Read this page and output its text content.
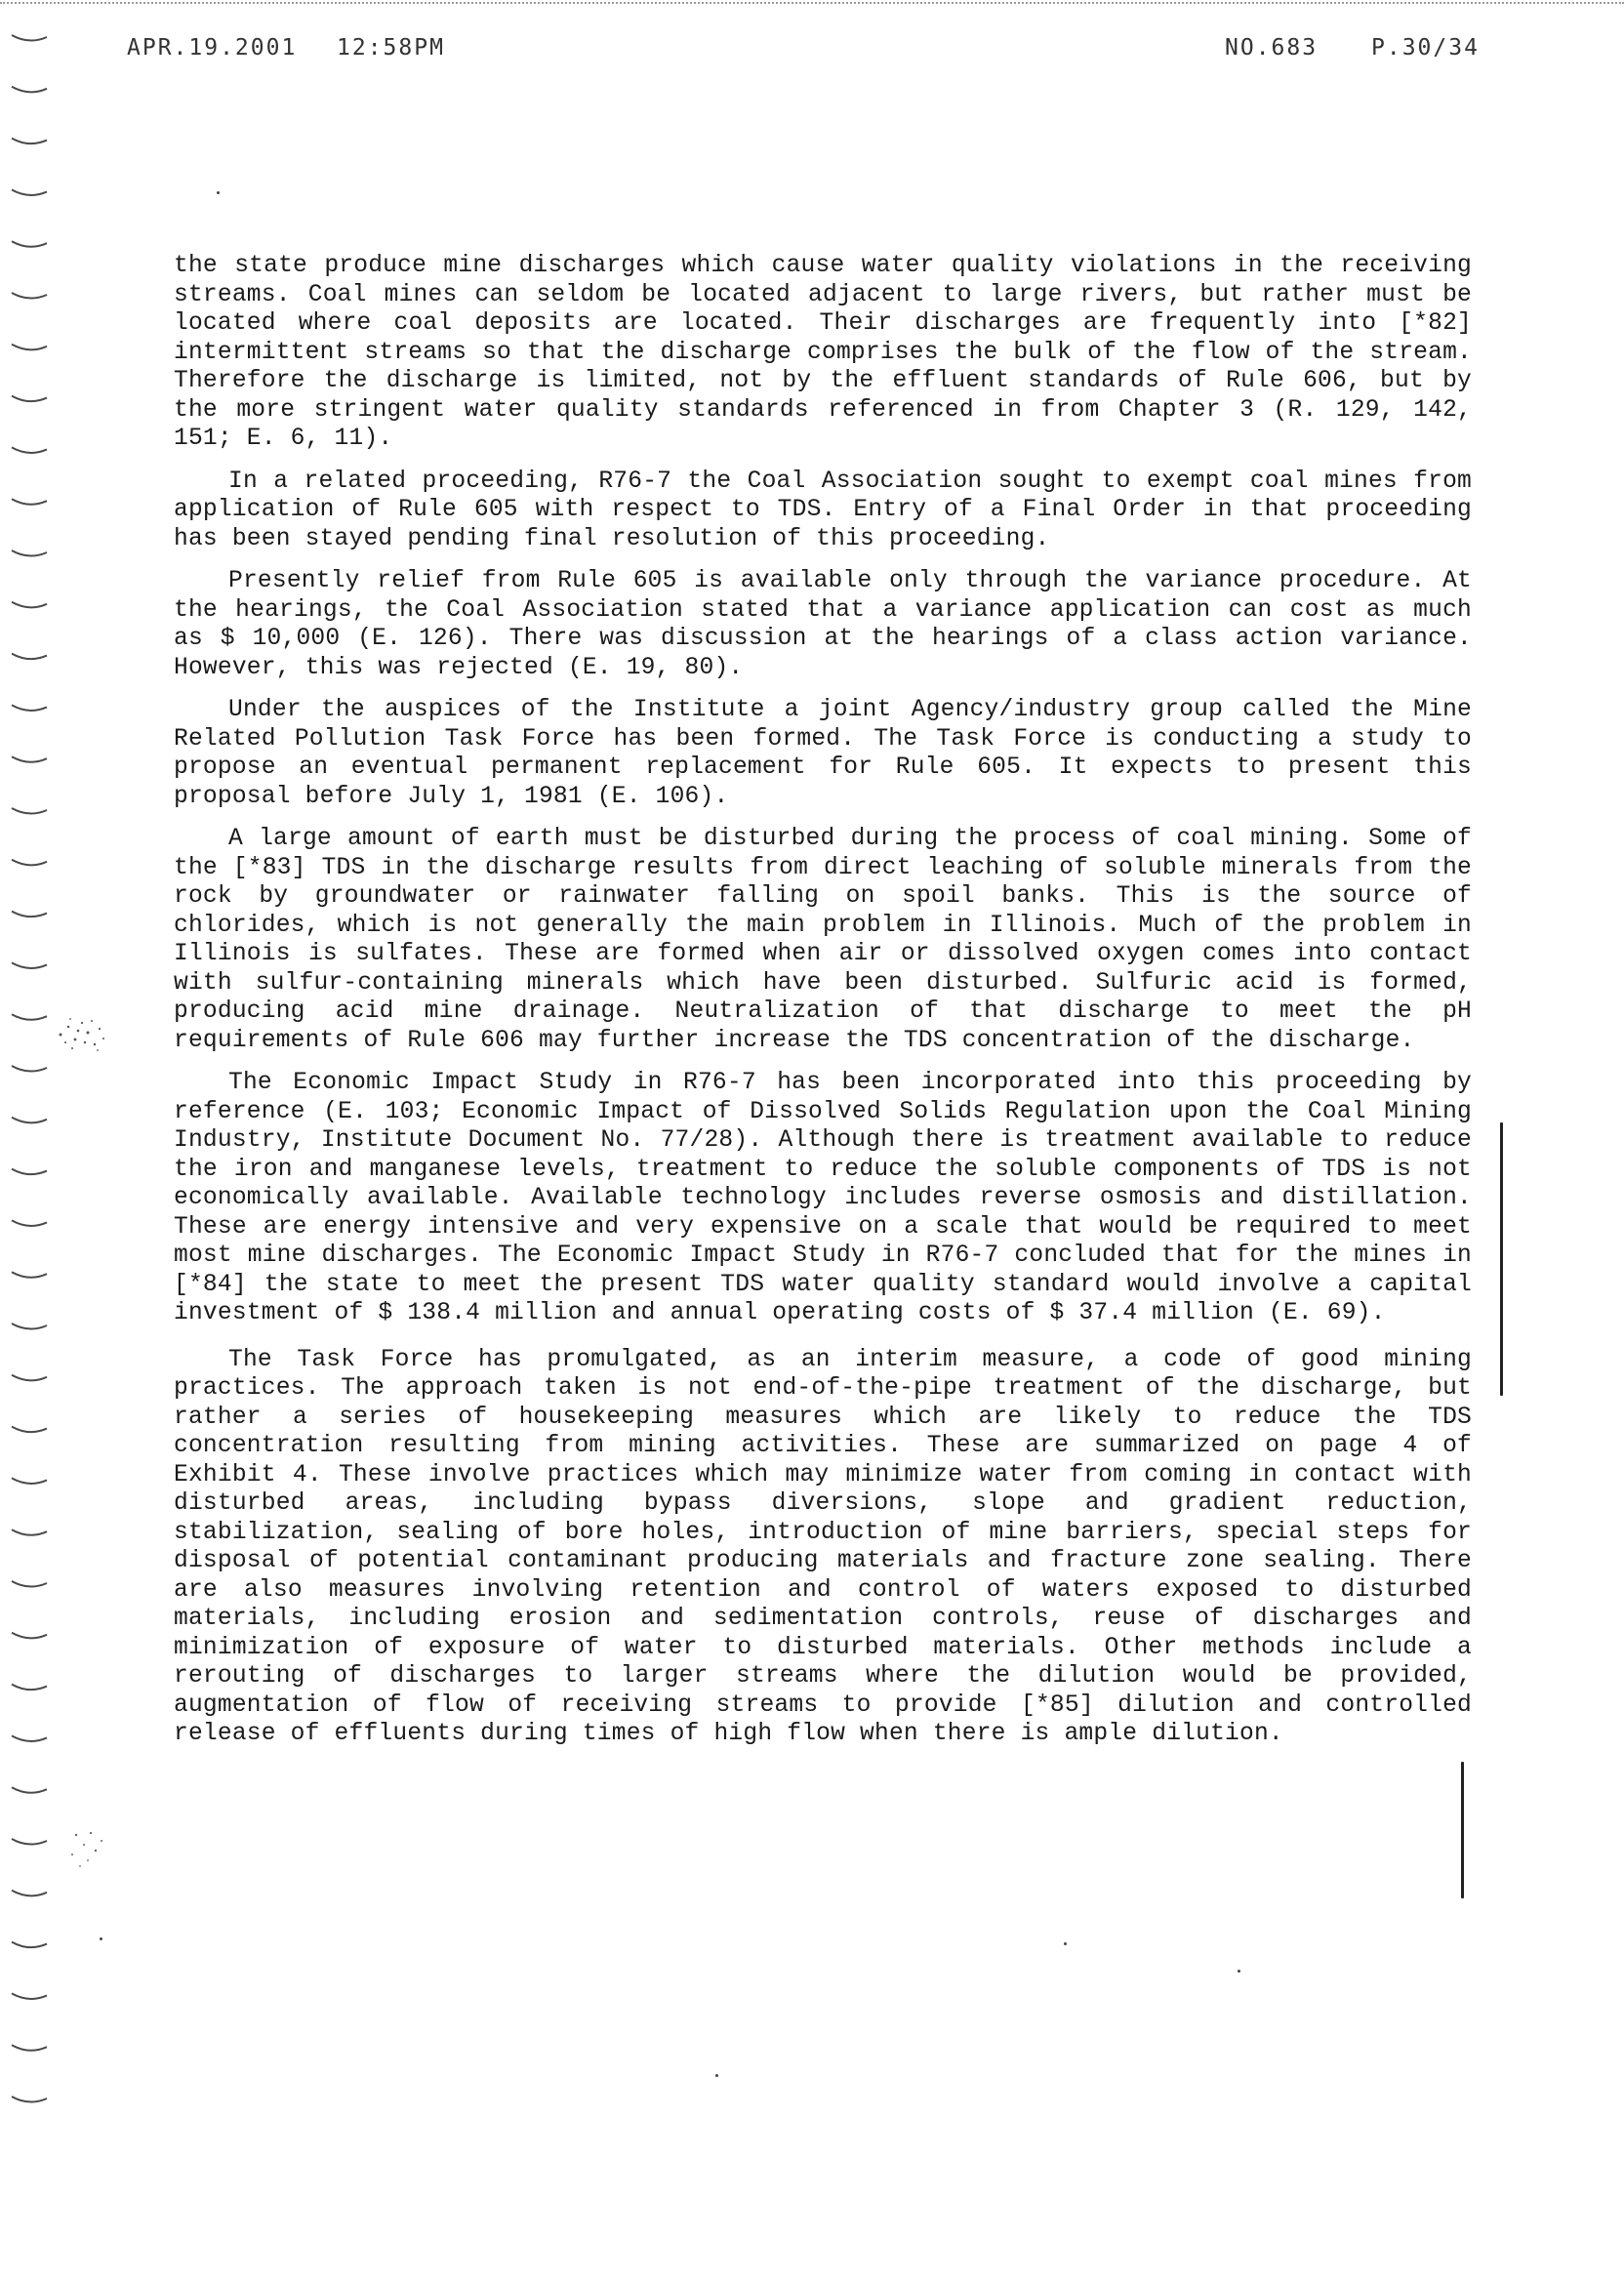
APR.19.2001 12:58PM	NO.683 P.30/34

the state produce mine discharges which cause water quality violations in the receiving streams. Coal mines can seldom be located adjacent to large rivers, but rather must be located where coal deposits are located. Their discharges are frequently into [*82] intermittent streams so that the discharge comprises the bulk of the flow of the stream. Therefore the discharge is limited, not by the effluent standards of Rule 606, but by the more stringent water quality standards referenced in from Chapter 3 (R. 129, 142, 151; E. 6, 11).

In a related proceeding, R76-7 the Coal Association sought to exempt coal mines from application of Rule 605 with respect to TDS. Entry of a Final Order in that proceeding has been stayed pending final resolution of this proceeding.

Presently relief from Rule 605 is available only through the variance procedure. At the hearings, the Coal Association stated that a variance application can cost as much as $ 10,000 (E. 126). There was discussion at the hearings of a class action variance. However, this was rejected (E. 19, 80).

Under the auspices of the Institute a joint Agency/industry group called the Mine Related Pollution Task Force has been formed. The Task Force is conducting a study to propose an eventual permanent replacement for Rule 605. It expects to present this proposal before July 1, 1981 (E. 106).

A large amount of earth must be disturbed during the process of coal mining. Some of the [*83] TDS in the discharge results from direct leaching of soluble minerals from the rock by groundwater or rainwater falling on spoil banks. This is the source of chlorides, which is not generally the main problem in Illinois. Much of the problem in Illinois is sulfates. These are formed when air or dissolved oxygen comes into contact with sulfur-containing minerals which have been disturbed. Sulfuric acid is formed, producing acid mine drainage. Neutralization of that discharge to meet the pH requirements of Rule 606 may further increase the TDS concentration of the discharge.

The Economic Impact Study in R76-7 has been incorporated into this proceeding by reference (E. 103; Economic Impact of Dissolved Solids Regulation upon the Coal Mining Industry, Institute Document No. 77/28). Although there is treatment available to reduce the iron and manganese levels, treatment to reduce the soluble components of TDS is not economically available. Available technology includes reverse osmosis and distillation. These are energy intensive and very expensive on a scale that would be required to meet most mine discharges. The Economic Impact Study in R76-7 concluded that for the mines in [*84] the state to meet the present TDS water quality standard would involve a capital investment of $ 138.4 million and annual operating costs of $ 37.4 million (E. 69).

The Task Force has promulgated, as an interim measure, a code of good mining practices. The approach taken is not end-of-the-pipe treatment of the discharge, but rather a series of housekeeping measures which are likely to reduce the TDS concentration resulting from mining activities. These are summarized on page 4 of Exhibit 4. These involve practices which may minimize water from coming in contact with disturbed areas, including bypass diversions, slope and gradient reduction, stabilization, sealing of bore holes, introduction of mine barriers, special steps for disposal of potential contaminant producing materials and fracture zone sealing. There are also measures involving retention and control of waters exposed to disturbed materials, including erosion and sedimentation controls, reuse of discharges and minimization of exposure of water to disturbed materials. Other methods include a rerouting of discharges to larger streams where the dilution would be provided, augmentation of flow of receiving streams to provide [*85] dilution and controlled release of effluents during times of high flow when there is ample dilution.
